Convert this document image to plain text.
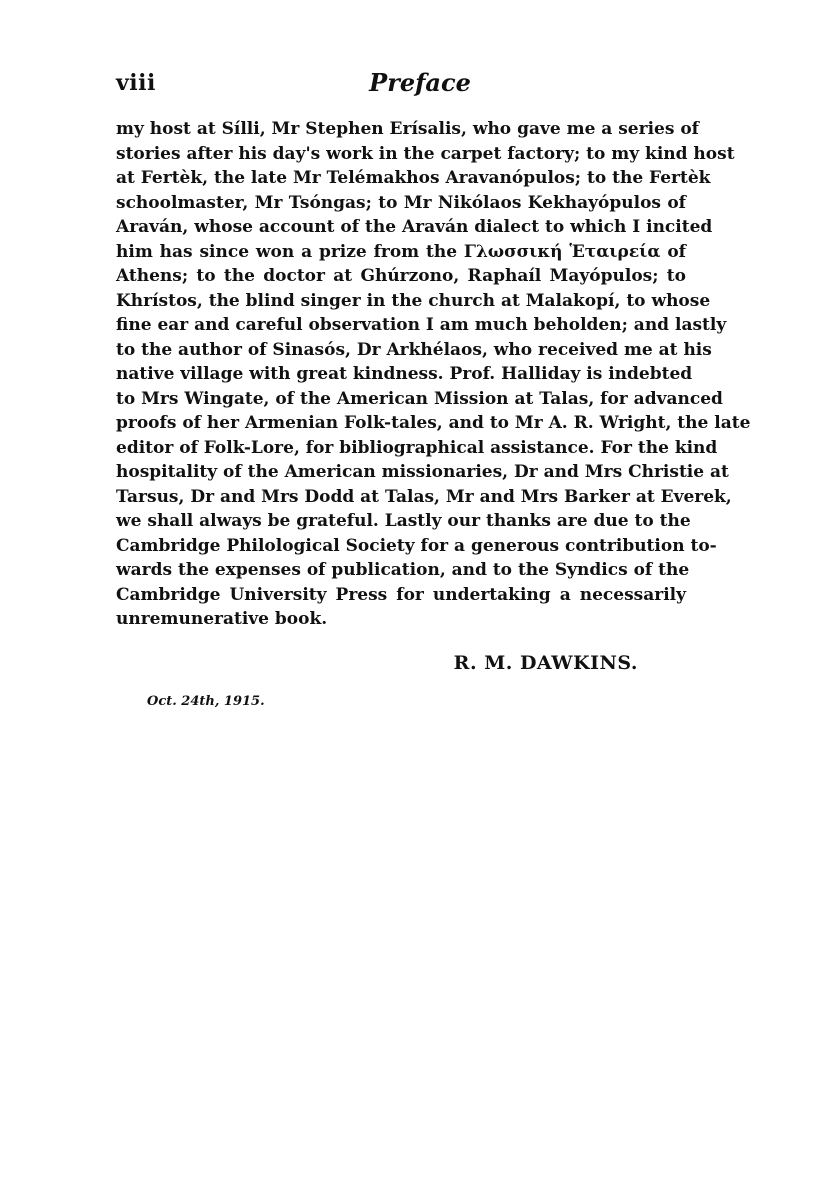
viii	Preface
my host at Sílli, Mr Stephen Erísalis, who gave me a series of
stories after his day's work in the carpet factory; to my kind host
at Fertèk, the late Mr Telémakhos Aravanópulos; to the Fertèk
schoolmaster, Mr Tsóngas; to Mr Nikólaos Kekhayópulos of
Araván, whose account of the Araván dialect to which I incited
him has since won a prize from the Γλωσσική Ἑταιρεία of
Athens; to the doctor at Ghúrzono, Raphaíl Mayópulos; to
Khrístos, the blind singer in the church at Malakopí, to whose
fine ear and careful observation I am much beholden; and lastly
to the author of Sinasós, Dr Arkhélaos, who received me at his
native village with great kindness. Prof. Halliday is indebted
to Mrs Wingate, of the American Mission at Talas, for advanced
proofs of her Armenian Folk-tales, and to Mr A. R. Wright, the late
editor of Folk-Lore, for bibliographical assistance. For the kind
hospitality of the American missionaries, Dr and Mrs Christie at
Tarsus, Dr and Mrs Dodd at Talas, Mr and Mrs Barker at Everek,
we shall always be grateful. Lastly our thanks are due to the
Cambridge Philological Society for a generous contribution to-
wards the expenses of publication, and to the Syndics of the
Cambridge University Press for undertaking a necessarily
unremunerative book.
R. M. DAWKINS.
Oct. 24th, 1915.
